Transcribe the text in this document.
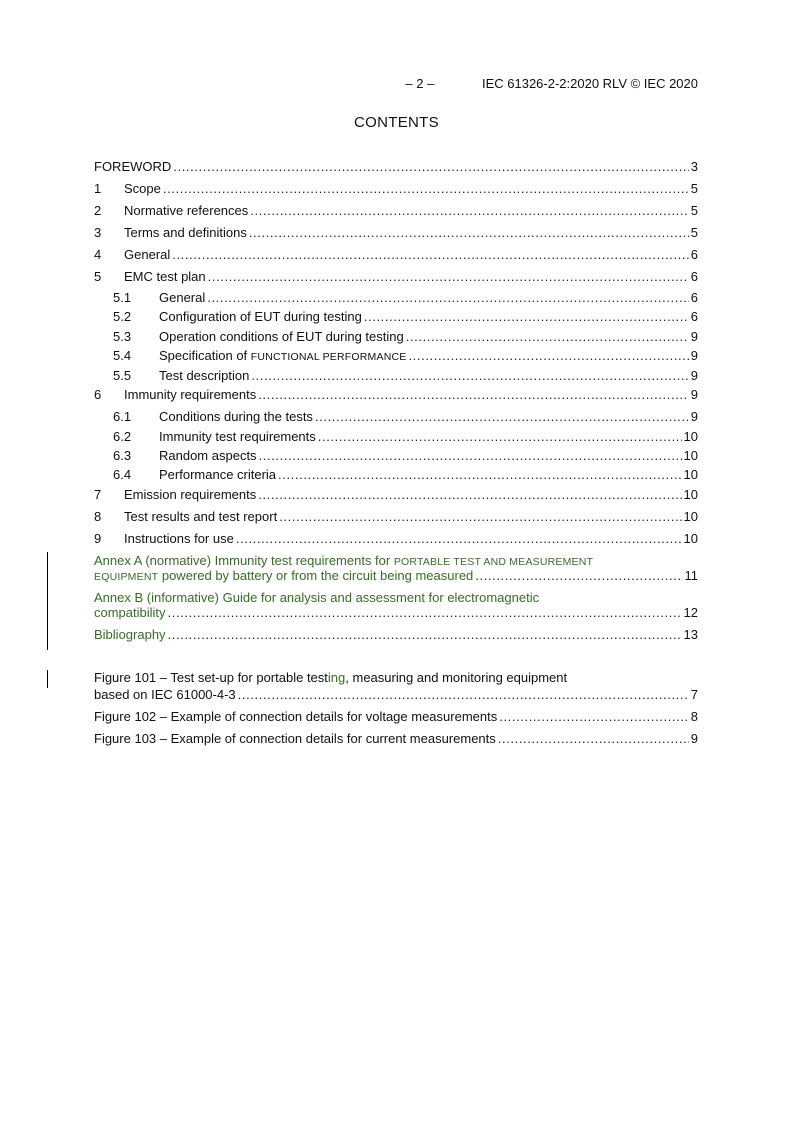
– 2 –	IEC 61326-2-2:2020 RLV © IEC 2020
CONTENTS
FOREWORD .....	3
1	Scope .....	5
2	Normative references .....	5
3	Terms and definitions .....	5
4	General .....	6
5	EMC test plan .....	6
5.1	General .....	6
5.2	Configuration of EUT during testing .....	6
5.3	Operation conditions of EUT during testing .....	9
5.4	Specification of FUNCTIONAL PERFORMANCE .....	9
5.5	Test description .....	9
6	Immunity requirements .....	9
6.1	Conditions during the tests .....	9
6.2	Immunity test requirements .....	10
6.3	Random aspects .....	10
6.4	Performance criteria .....	10
7	Emission requirements .....	10
8	Test results and test report .....	10
9	Instructions for use .....	10
Annex A (normative) Immunity test requirements for PORTABLE TEST AND MEASUREMENT
EQUIPMENT powered by battery or from the circuit being measured .....	11
Annex B (informative) Guide for analysis and assessment for electromagnetic
compatibility .....	12
Bibliography .....	13
Figure 101 – Test set-up for portable testing, measuring and monitoring equipment
based on IEC 61000-4-3 .....	7
Figure 102 – Example of connection details for voltage measurements .....	8
Figure 103 – Example of connection details for current measurements .....	9
